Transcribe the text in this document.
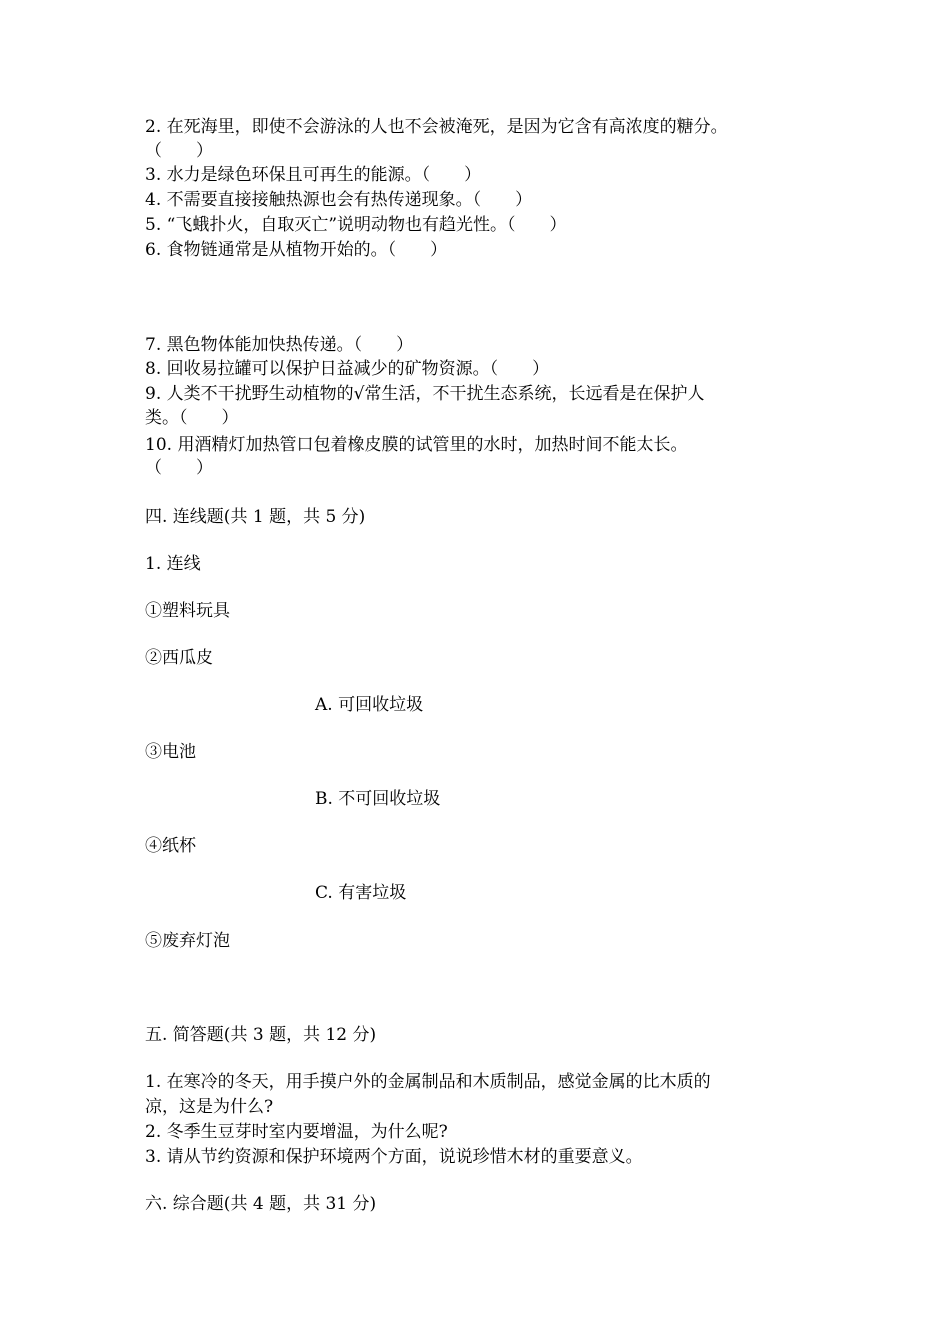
2. 在死海里，即使不会游泳的人也不会被淹死，是因为它含有高浓度的糖分。
（　　）
3. 水力是绿色环保且可再生的能源。（　　）
4. 不需要直接接触热源也会有热传递现象。（　　）
5. “飞蛾扑火，自取灭亡”说明动物也有趋光性。（　　）
6. 食物链通常是从植物开始的。（　　）
7. 黑色物体能加快热传递。（　　）
8. 回收易拉罐可以保护日益减少的矿物资源。（　　）
9. 人类不干扰野生动植物的√常生活，不干扰生态系统，长远看是在保护人
类。（　　）
10. 用酒精灯加热管口包着橡皮膜的试管里的水时，加热时间不能太长。
（　　）
四. 连线题(共 1 题，共 5 分)
1. 连线
①塑料玩具
②西瓜皮
A. 可回收垃圾
③电池
B. 不可回收垃圾
④纸杯
C. 有害垃圾
⑤废弃灯泡
五. 简答题(共 3 题，共 12 分)
1. 在寒冷的冬天，用手摸户外的金属制品和木质制品，感觉金属的比木质的
凉，这是为什么?
2. 冬季生豆芽时室内要增温，为什么呢?
3. 请从节约资源和保护环境两个方面，说说珍惜木材的重要意义。
六. 综合题(共 4 题，共 31 分)
